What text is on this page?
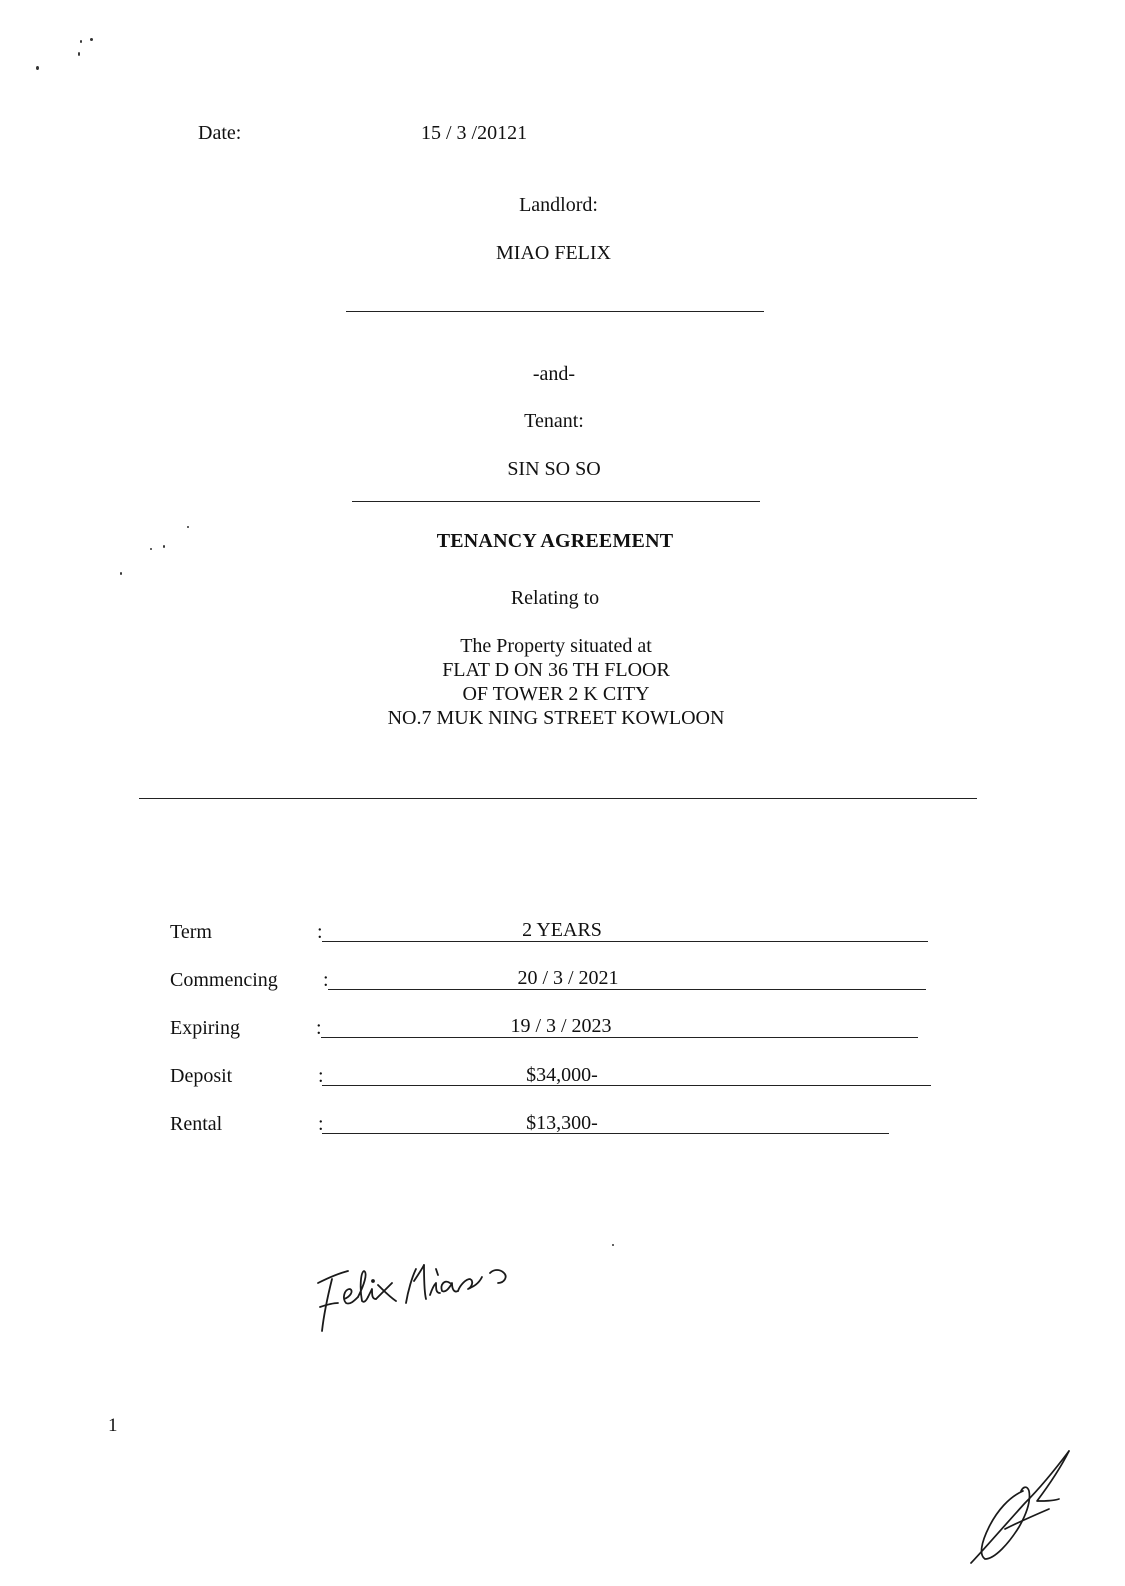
Date:	15 / 3 /20121
Landlord:
MIAO FELIX
-and-
Tenant:
SIN SO SO
TENANCY AGREEMENT
Relating to
The Property situated at
FLAT D ON 36 TH FLOOR
OF TOWER 2 K CITY
NO.7 MUK NING STREET KOWLOON
Term	:	2 YEARS
Commencing :	20 / 3 / 2021
Expiring	:	19 / 3 / 2023
Deposit	:	$34,000-
Rental	:	$13,300-
1
